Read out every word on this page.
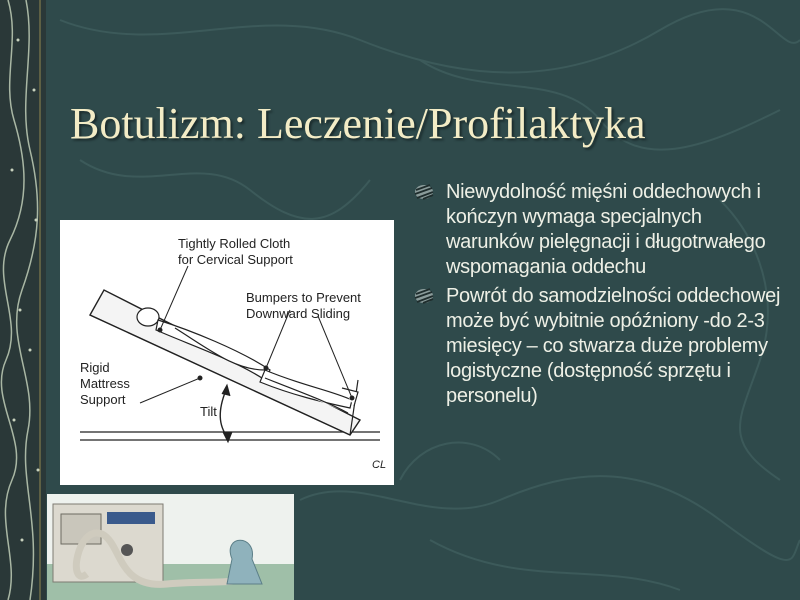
Botulizm: Leczenie/Profilaktyka
Tightly Rolled Cloth
for Cervical Support
Bumpers to Prevent
Downward Sliding
Rigid
Mattress
Support
Tilt
CL
Niewydolność mięśni oddechowych i kończyn wymaga specjalnych warunków pielęgnacji i długotrwałego wspomagania oddechu
Powrót do samodzielności oddechowej może być wybitnie opóźniony -do 2-3 miesięcy – co stwarza duże problemy logistyczne (dostępność sprzętu i personelu)
